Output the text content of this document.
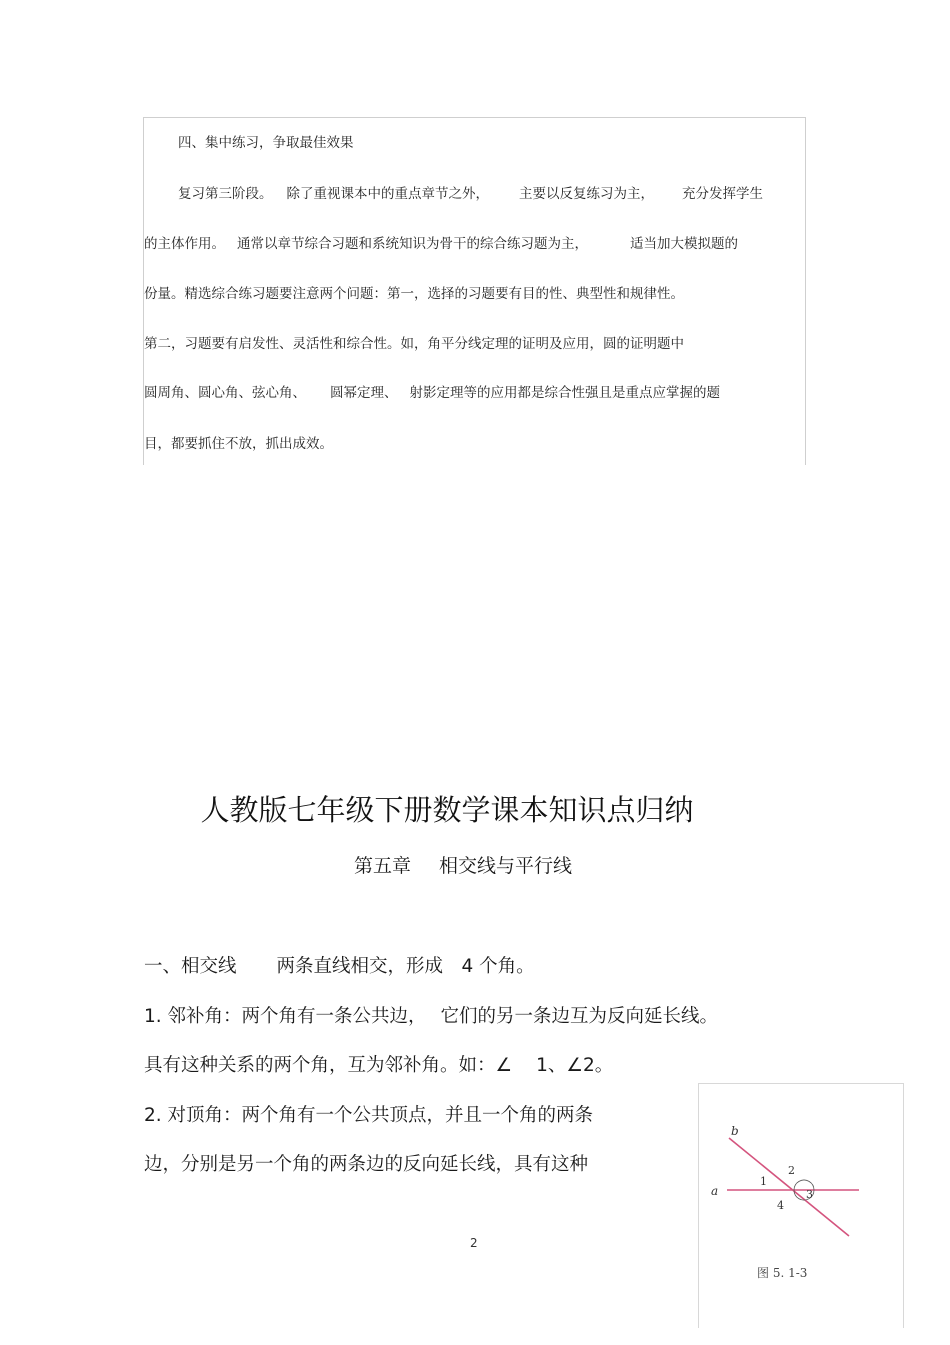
四、集中练习，争取最佳效果
复习第三阶段。 除了重视课本中的重点章节之外， 主要以反复练习为主， 充分发挥学生
的主体作用。 通常以章节综合习题和系统知识为骨干的综合练习题为主，	适当加大模拟题的
份量。精选综合练习题要注意两个问题：第一，选择的习题要有目的性、典型性和规律性。
第二，习题要有启发性、灵活性和综合性。如，角平分线定理的证明及应用，圆的证明题中
圆周角、圆心角、弦心角、 圆幂定理、 射影定理等的应用都是综合性强且是重点应掌握的题
目，都要抓住不放，抓出成效。
人教版七年级下册数学课本知识点归纳
第五章 相交线与平行线
一、相交线 两条直线相交，形成　4 个角。
1. 邻补角：两个角有一条公共边， 它们的另一条边互为反向延长线。
具有这种关系的两个角，互为邻补角。如：∠ 1、∠2。
2. 对顶角：两个角有一个公共顶点，并且一个角的两条
边，分别是另一个角的两条边的反向延长线，具有这种
2
b
a
1
2
3
4
图 5. 1-3
